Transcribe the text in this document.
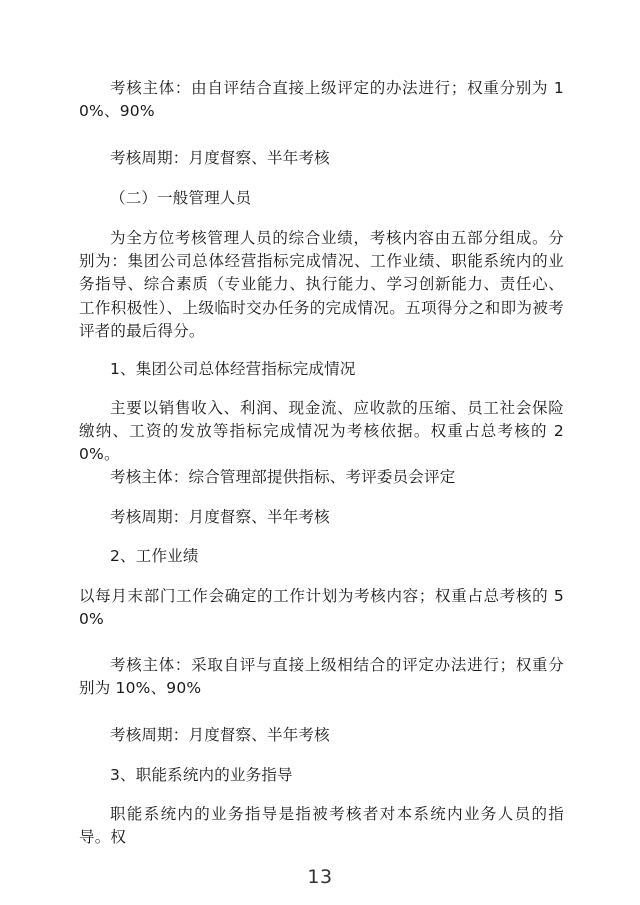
考核主体：由自评结合直接上级评定的办法进行；权重分别为 10%、90%

考核周期：月度督察、半年考核

（二）一般管理人员

为全方位考核管理人员的综合业绩，考核内容由五部分组成。分别为：集团公司总体经营指标完成情况、工作业绩、职能系统内的业务指导、综合素质（专业能力、执行能力、学习创新能力、责任心、工作积极性）、上级临时交办任务的完成情况。五项得分之和即为被考评者的最后得分。

1、集团公司总体经营指标完成情况

主要以销售收入、利润、现金流、应收款的压缩、员工社会保险缴纳、工资的发放等指标完成情况为考核依据。权重占总考核的 20%。

考核主体：综合管理部提供指标、考评委员会评定

考核周期：月度督察、半年考核

2、工作业绩

以每月末部门工作会确定的工作计划为考核内容；权重占总考核的 50%

考核主体：采取自评与直接上级相结合的评定办法进行；权重分别为 10%、90%

考核周期：月度督察、半年考核

3、职能系统内的业务指导

职能系统内的业务指导是指被考核者对本系统内业务人员的指导。权

13
